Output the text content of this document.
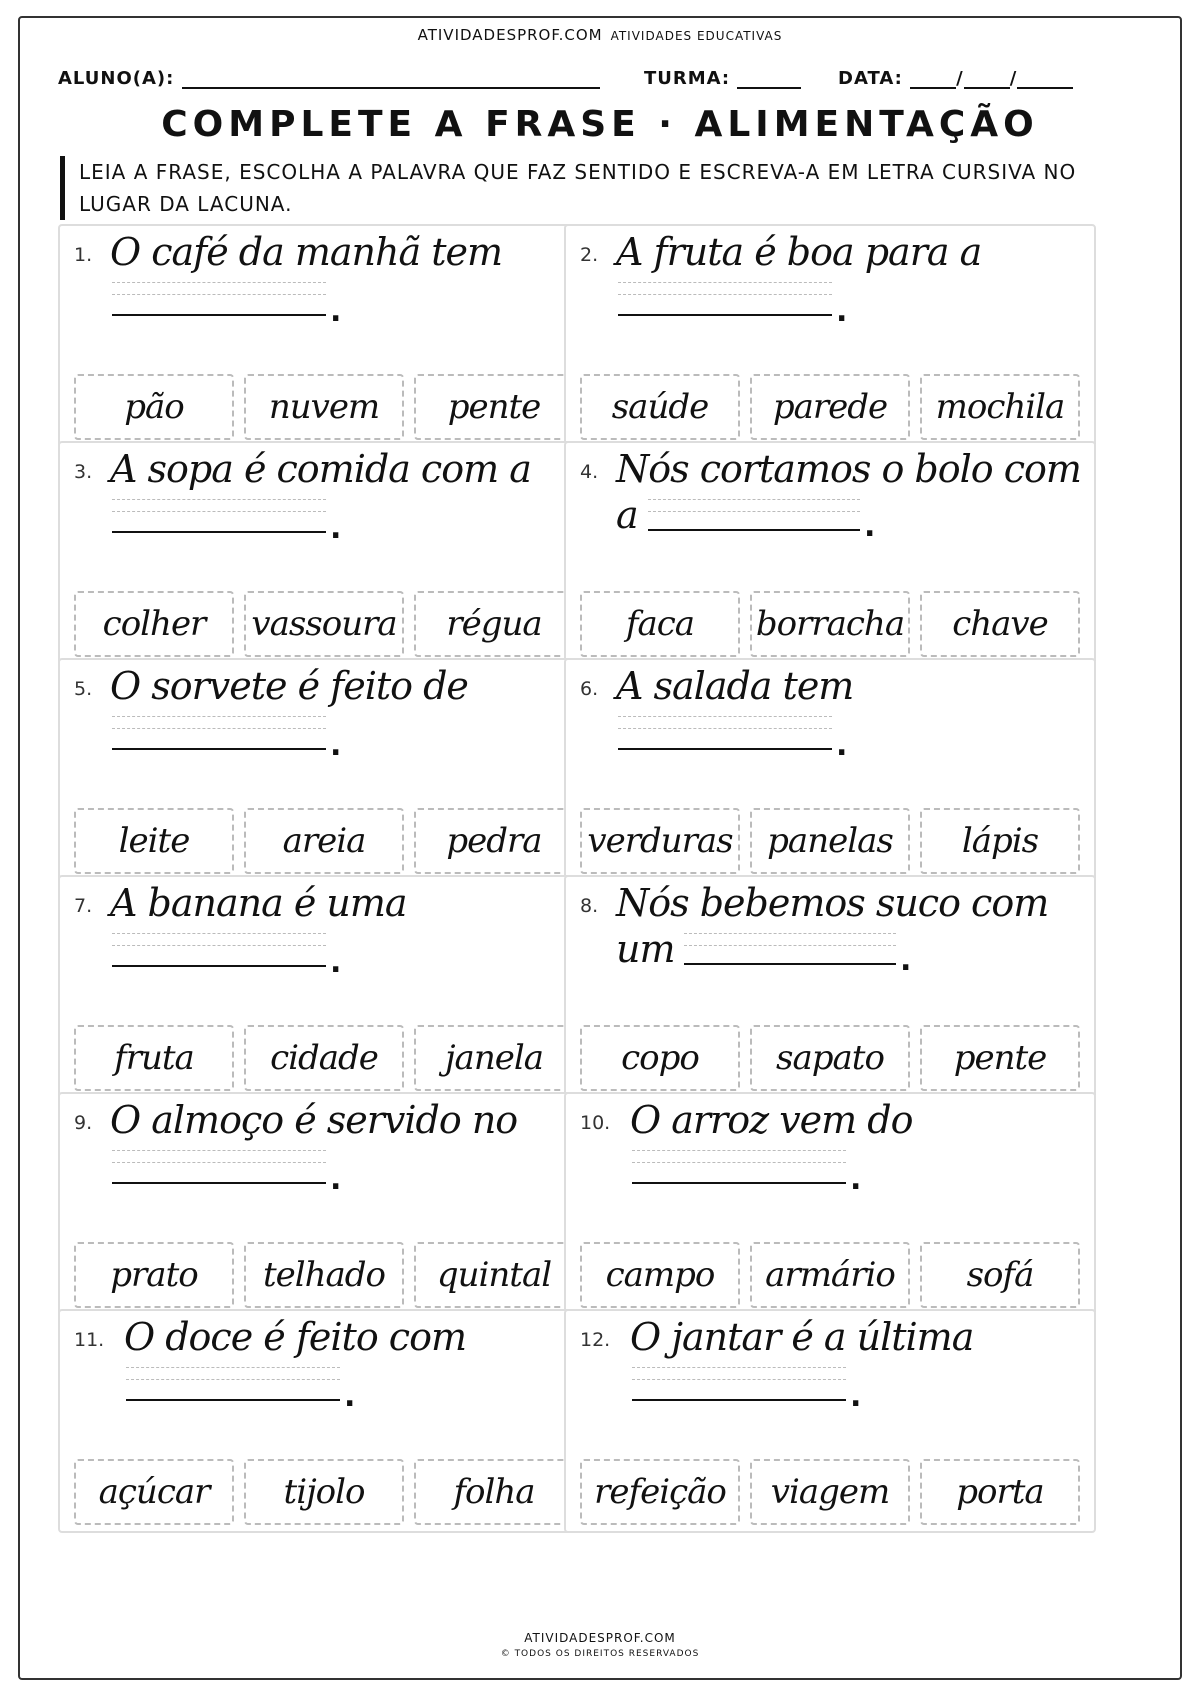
ATIVIDADESPROF.COM ATIVIDADES EDUCATIVAS
ALUNO(A):	TURMA:	DATA:	/	/
COMPLETE A FRASE · ALIMENTAÇÃO
LEIA A FRASE, ESCOLHA A PALAVRA QUE FAZ SENTIDO E ESCREVA-A EM LETRA CURSIVA NO LUGAR DA LACUNA.
1. O café da manhã tem
.
pão	nuvem	pente
2. A fruta é boa para a
.
saúde	parede	mochila
3. A sopa é comida com a
.
colher	vassoura	régua
4. Nós cortamos o bolo com
a	.
faca	borracha	chave
5. O sorvete é feito de
.
leite	areia	pedra
6. A salada tem
.
verduras	panelas	lápis
7. A banana é uma
.
fruta	cidade	janela
8. Nós bebemos suco com
um	.
copo	sapato	pente
9. O almoço é servido no
.
prato	telhado	quintal
10. O arroz vem do
.
campo	armário	sofá
11. O doce é feito com
.
açúcar	tijolo	folha
12. O jantar é a última
.
refeição	viagem	porta
ATIVIDADESPROF.COM
© TODOS OS DIREITOS RESERVADOS
